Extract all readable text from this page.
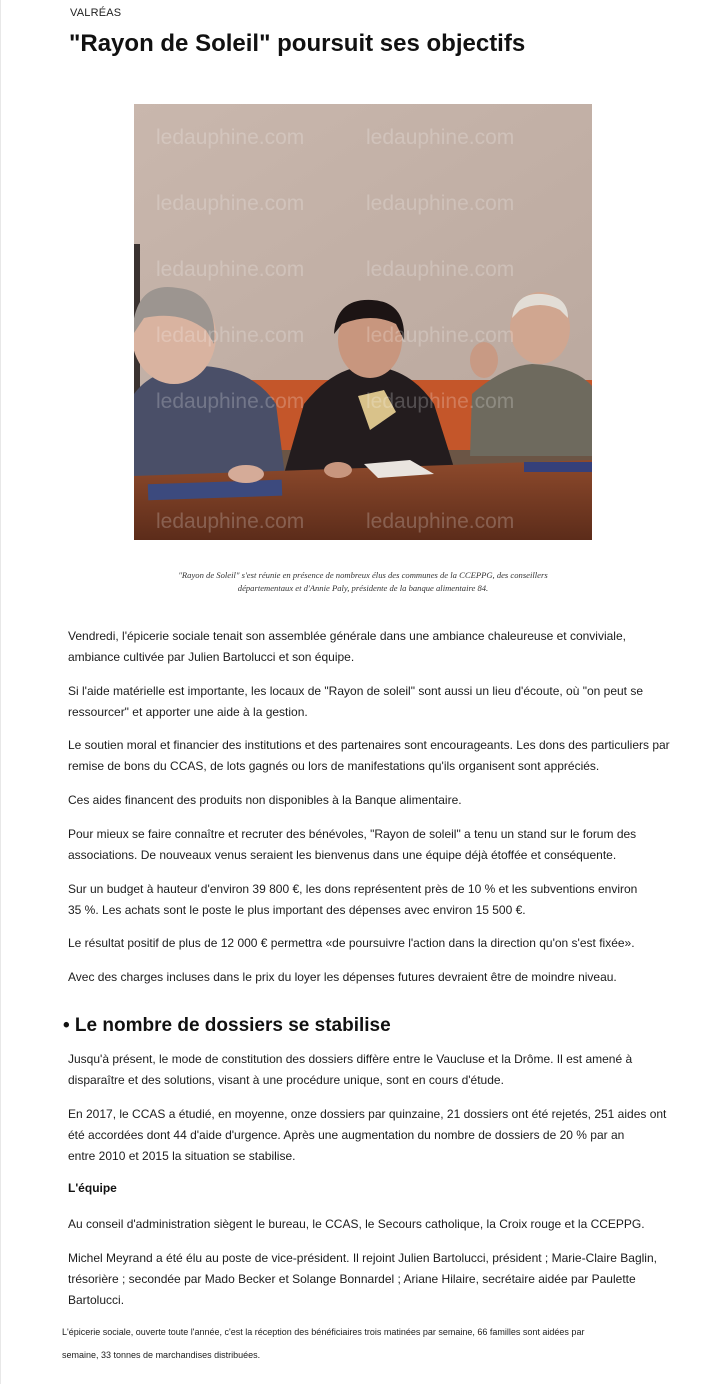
VALRÉAS
"Rayon de Soleil" poursuit ses objectifs
ledauphine.com	ledauphine.com
ledauphine.com	ledauphine.com
ledauphine.com	ledauphine.com
ledauphine.com	ledauphine.com
ledauphine.com	ledauphine.com
ledauphine.com	ledauphine.com

"Rayon de Soleil" s'est réunie en présence de nombreux élus des communes de la CCEPPG, des conseillers
départementaux et d'Annie Paly, présidente de la banque alimentaire 84.

Vendredi, l'épicerie sociale tenait son assemblée générale dans une ambiance chaleureuse et conviviale,
ambiance cultivée par Julien Bartolucci et son équipe.

Si l'aide matérielle est importante, les locaux de "Rayon de soleil" sont aussi un lieu d'écoute, où "on peut se
ressourcer" et apporter une aide à la gestion.

Le soutien moral et financier des institutions et des partenaires sont encourageants. Les dons des particuliers par
remise de bons du CCAS, de lots gagnés ou lors de manifestations qu'ils organisent sont appréciés.

Ces aides financent des produits non disponibles à la Banque alimentaire.

Pour mieux se faire connaître et recruter des bénévoles, "Rayon de soleil" a tenu un stand sur le forum des
associations. De nouveaux venus seraient les bienvenus dans une équipe déjà étoffée et conséquente.

Sur un budget à hauteur d'environ 39 800 €, les dons représentent près de 10 % et les subventions environ
35 %. Les achats sont le poste le plus important des dépenses avec environ 15 500 €.

Le résultat positif de plus de 12 000 € permettra «de poursuivre l'action dans la direction qu'on s'est fixée».

Avec des charges incluses dans le prix du loyer les dépenses futures devraient être de moindre niveau.

• Le nombre de dossiers se stabilise

Jusqu'à présent, le mode de constitution des dossiers diffère entre le Vaucluse et la Drôme. Il est amené à
disparaître et des solutions, visant à une procédure unique, sont en cours d'étude.

En 2017, le CCAS a étudié, en moyenne, onze dossiers par quinzaine, 21 dossiers ont été rejetés, 251 aides ont
été accordées dont 44 d'aide d'urgence. Après une augmentation du nombre de dossiers de 20 % par an
entre 2010 et 2015 la situation se stabilise.

L'équipe

Au conseil d'administration siègent le bureau, le CCAS, le Secours catholique, la Croix rouge et la CCEPPG.

Michel Meyrand a été élu au poste de vice-président. Il rejoint Julien Bartolucci, président ; Marie-Claire Baglin,
trésorière ; secondée par Mado Becker et Solange Bonnardel ; Ariane Hilaire, secrétaire aidée par Paulette
Bartolucci.

L'épicerie sociale, ouverte toute l'année, c'est la réception des bénéficiaires trois matinées par semaine, 66 familles sont aidées par
semaine, 33 tonnes de marchandises distribuées.
